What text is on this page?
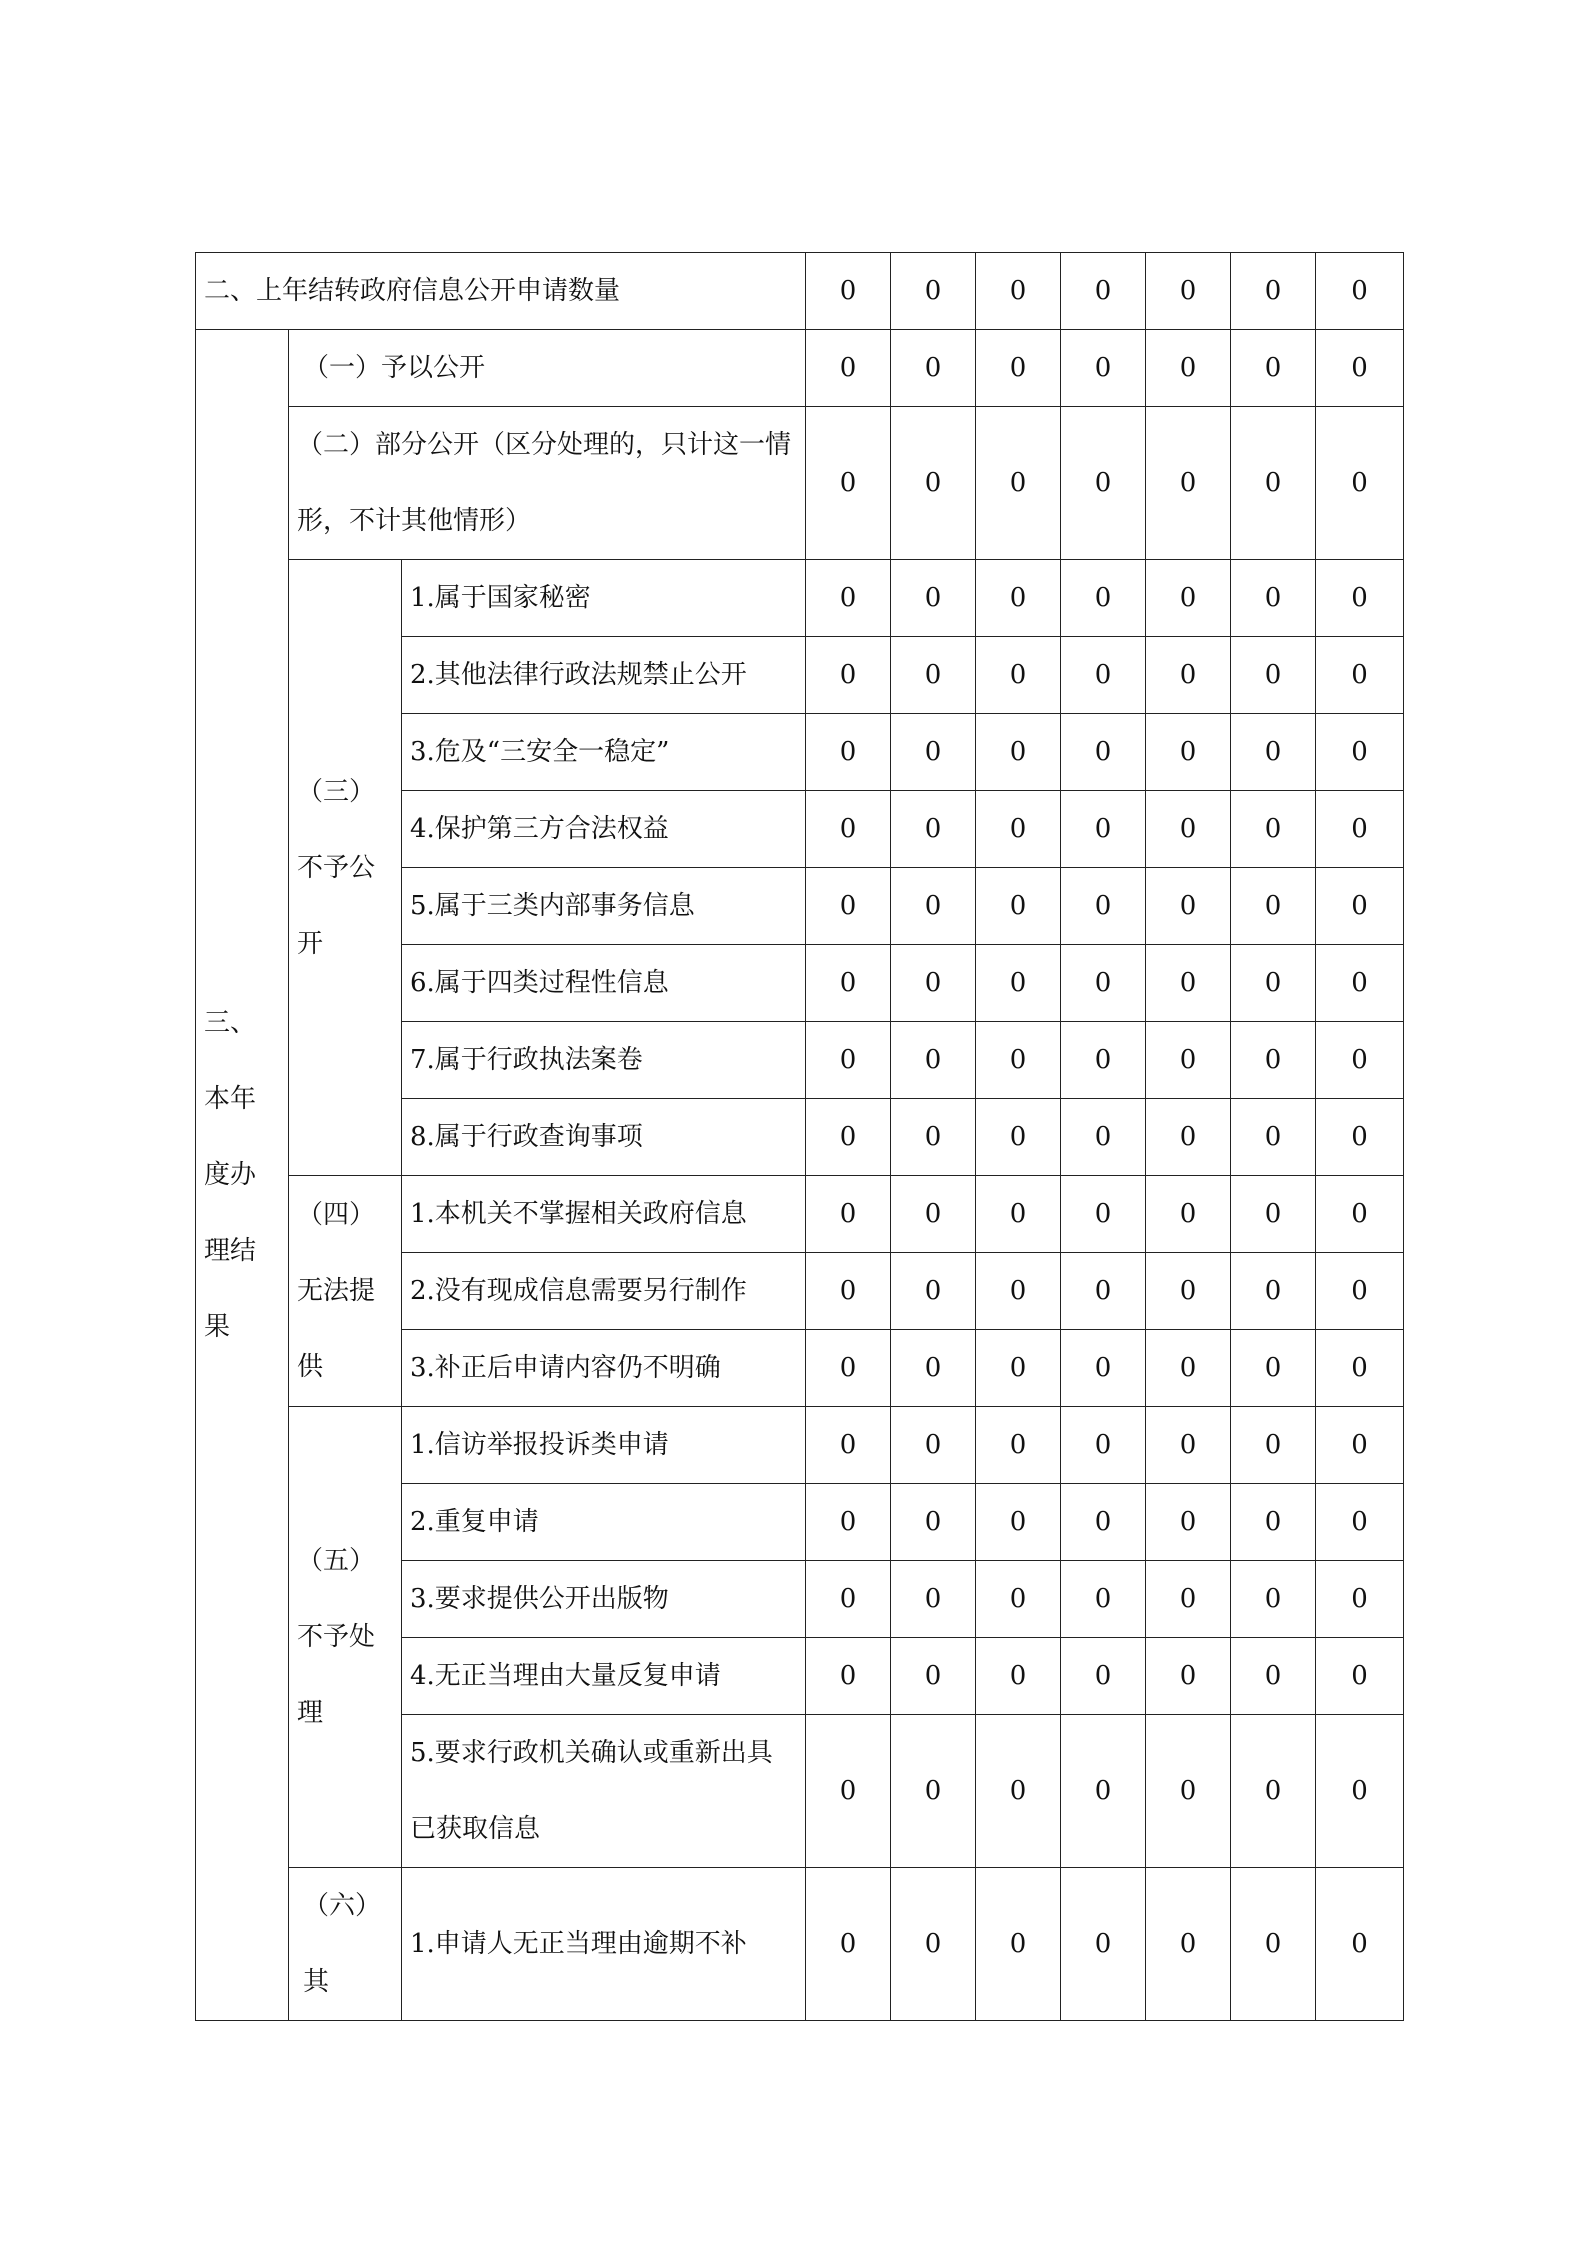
二、上年结转政府信息公开申请数量			0	0	0	0	0	0	0
三、本年度办理结果	（一）予以公开		0	0	0	0	0	0	0
	（二）部分公开（区分处理的，只计这一情形，不计其他情形）		0	0	0	0	0	0	0
	（三）不予公开	1.属于国家秘密	0	0	0	0	0	0	0
		2.其他法律行政法规禁止公开	0	0	0	0	0	0	0
		3.危及“三安全一稳定”	0	0	0	0	0	0	0
		4.保护第三方合法权益	0	0	0	0	0	0	0
		5.属于三类内部事务信息	0	0	0	0	0	0	0
		6.属于四类过程性信息	0	0	0	0	0	0	0
		7.属于行政执法案卷	0	0	0	0	0	0	0
		8.属于行政查询事项	0	0	0	0	0	0	0
	（四）无法提供	1.本机关不掌握相关政府信息	0	0	0	0	0	0	0
		2.没有现成信息需要另行制作	0	0	0	0	0	0	0
		3.补正后申请内容仍不明确	0	0	0	0	0	0	0
	（五）不予处理	1.信访举报投诉类申请	0	0	0	0	0	0	0
		2.重复申请	0	0	0	0	0	0	0
		3.要求提供公开出版物	0	0	0	0	0	0	0
		4.无正当理由大量反复申请	0	0	0	0	0	0	0
		5.要求行政机关确认或重新出具已获取信息	0	0	0	0	0	0	0
	（六）其	1.申请人无正当理由逾期不补	0	0	0	0	0	0	0
